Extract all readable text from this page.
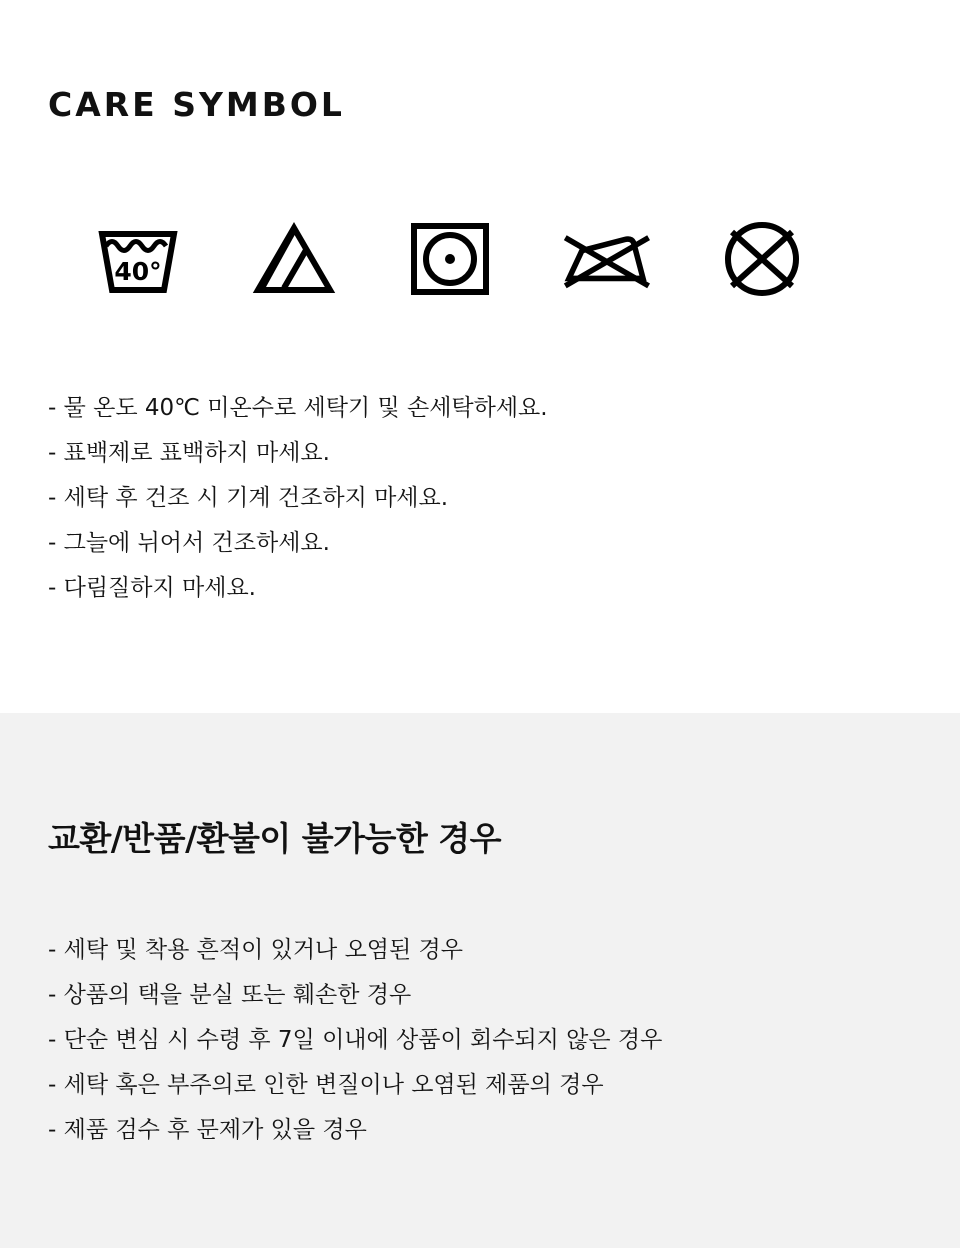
CARE SYMBOL
40°
- 물 온도 40℃ 미온수로 세탁기 및 손세탁하세요.
- 표백제로 표백하지 마세요.
- 세탁 후 건조 시 기계 건조하지 마세요.
- 그늘에 뉘어서 건조하세요.
- 다림질하지 마세요.
교환/반품/환불이 불가능한 경우
- 세탁 및 착용 흔적이 있거나 오염된 경우
- 상품의 택을 분실 또는 훼손한 경우
- 단순 변심 시 수령 후 7일 이내에 상품이 회수되지 않은 경우
- 세탁 혹은 부주의로 인한 변질이나 오염된 제품의 경우
- 제품 검수 후 문제가 있을 경우
